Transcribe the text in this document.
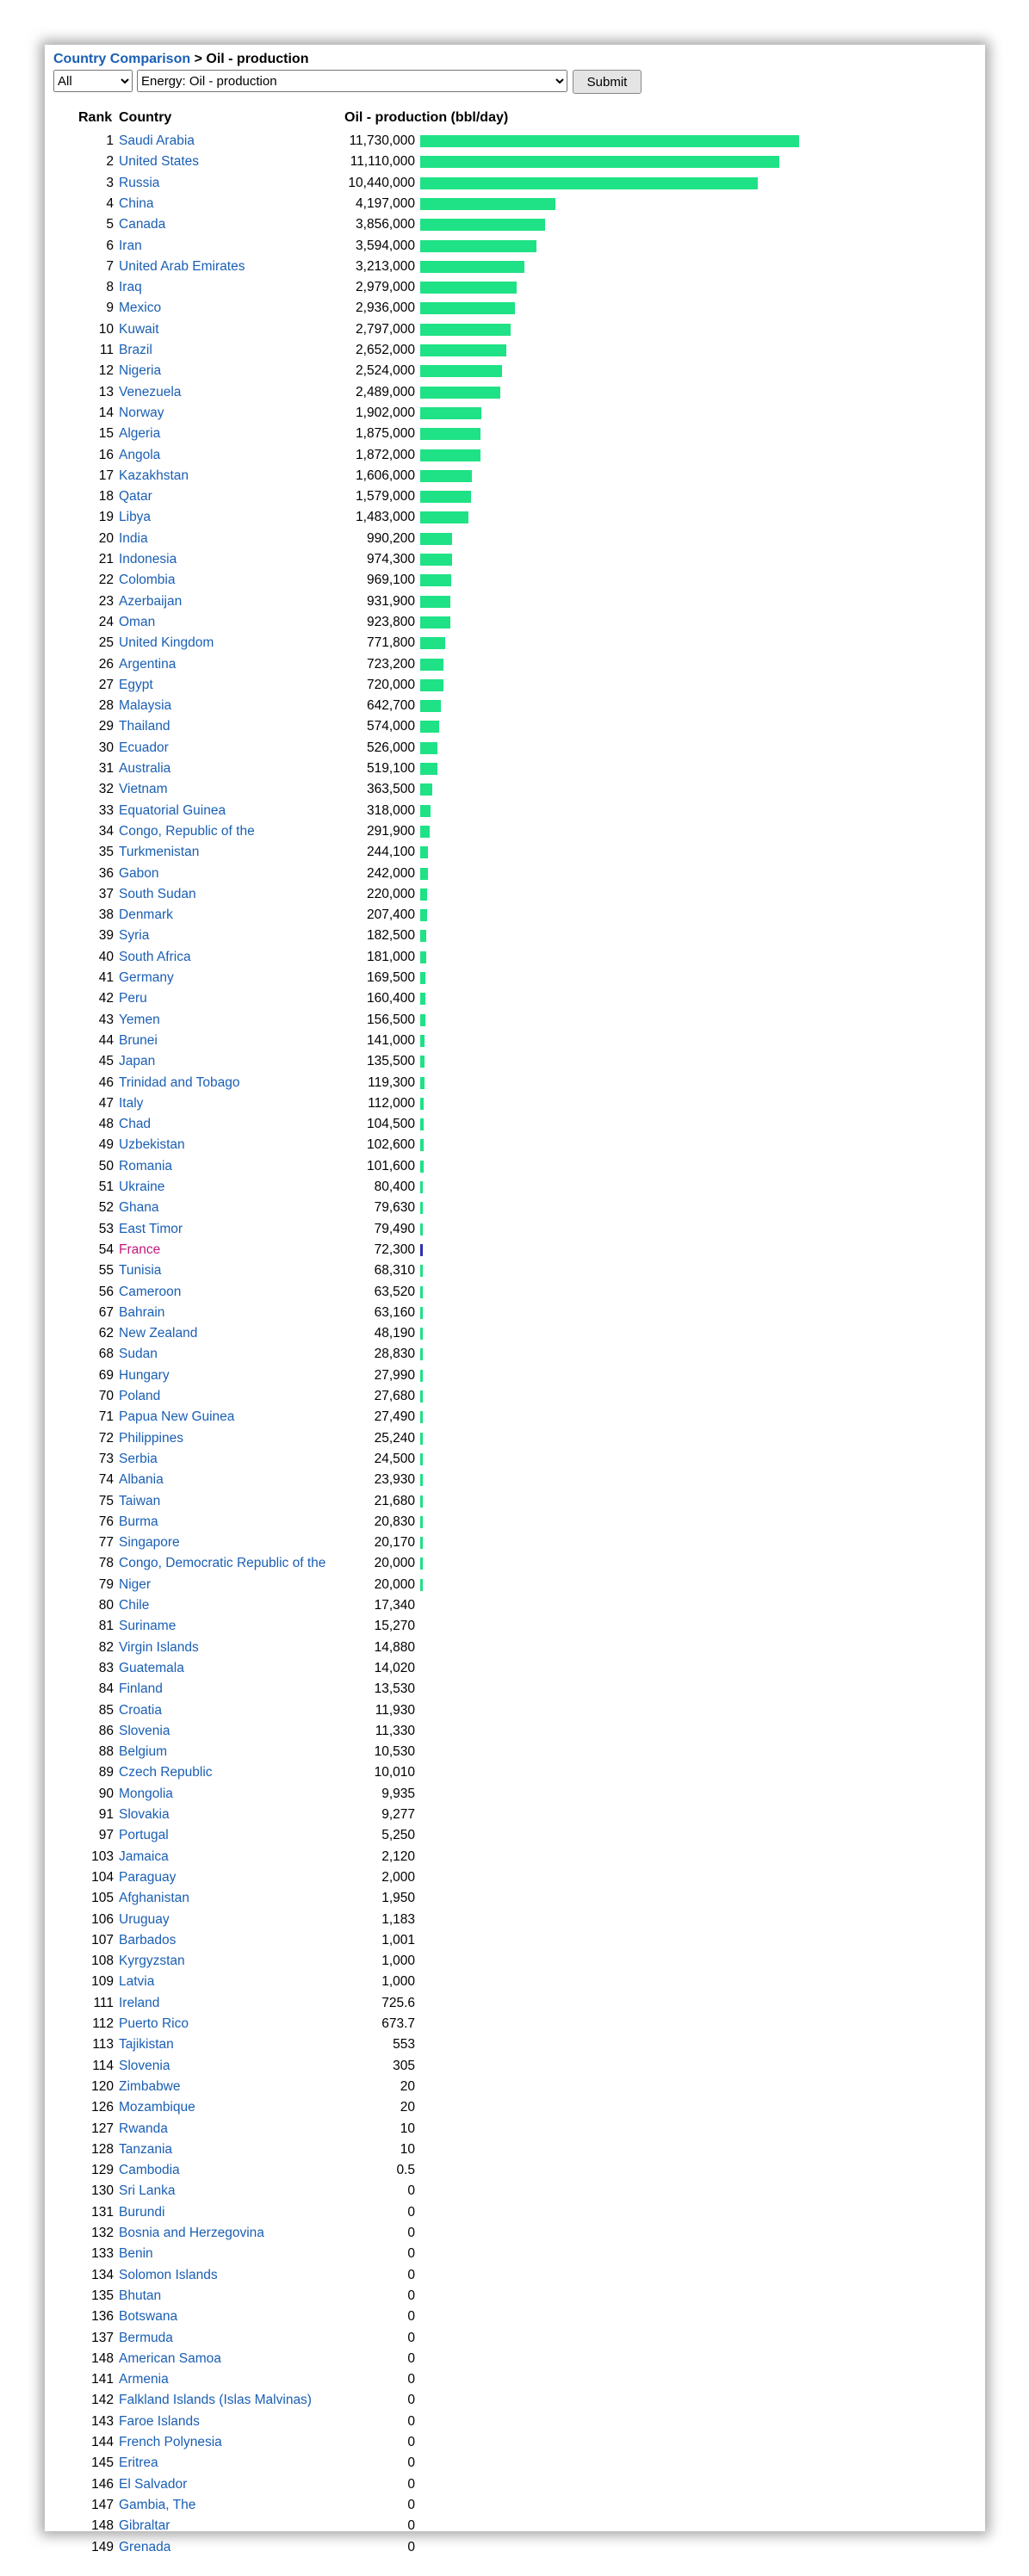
Country Comparison > Oil - production
All
Energy: Oil - production
Submit
Rank Country	Oil - production (bbl/day)
1 Saudi Arabia	11,730,000
2 United States	11,110,000
3 Russia	10,440,000
4 China	4,197,000
5 Canada	3,856,000
6 Iran	3,594,000
7 United Arab Emirates	3,213,000
8 Iraq	2,979,000
9 Mexico	2,936,000
10 Kuwait	2,797,000
11 Brazil	2,652,000
12 Nigeria	2,524,000
13 Venezuela	2,489,000
14 Norway	1,902,000
15 Algeria	1,875,000
16 Angola	1,872,000
17 Kazakhstan	1,606,000
18 Qatar	1,579,000
19 Libya	1,483,000
20 India	990,200
21 Indonesia	974,300
22 Colombia	969,100
23 Azerbaijan	931,900
24 Oman	923,800
25 United Kingdom	771,800
26 Argentina	723,200
27 Egypt	720,000
28 Malaysia	642,700
29 Thailand	574,000
30 Ecuador	526,000
31 Australia	519,100
32 Vietnam	363,500
33 Equatorial Guinea	318,000
34 Congo, Republic of the	291,900
35 Turkmenistan	244,100
36 Gabon	242,000
37 South Sudan	220,000
38 Denmark	207,400
39 Syria	182,500
40 South Africa	181,000
41 Germany	169,500
42 Peru	160,400
43 Yemen	156,500
44 Brunei	141,000
45 Japan	135,500
46 Trinidad and Tobago	119,300
47 Italy	112,000
48 Chad	104,500
49 Uzbekistan	102,600
50 Romania	101,600
51 Ukraine	80,400
52 Ghana	79,630
53 East Timor	79,490
54 France	72,300
55 Tunisia	68,310
56 Cameroon	63,520
67 Bahrain	63,160
62 New Zealand	48,190
68 Sudan	28,830
69 Hungary	27,990
70 Poland	27,680
71 Papua New Guinea	27,490
72 Philippines	25,240
73 Serbia	24,500
74 Albania	23,930
75 Taiwan	21,680
76 Burma	20,830
77 Singapore	20,170
78 Congo, Democratic Republic of the	20,000
79 Niger	20,000
80 Chile	17,340
81 Suriname	15,270
82 Virgin Islands	14,880
83 Guatemala	14,020
84 Finland	13,530
85 Croatia	11,930
86 Slovenia	11,330
88 Belgium	10,530
89 Czech Republic	10,010
90 Mongolia	9,935
91 Slovakia	9,277
97 Portugal	5,250
103 Jamaica	2,120
104 Paraguay	2,000
105 Afghanistan	1,950
106 Uruguay	1,183
107 Barbados	1,001
108 Kyrgyzstan	1,000
109 Latvia	1,000
111 Ireland	725.6
112 Puerto Rico	673.7
113 Tajikistan	553
114 Slovenia	305
120 Zimbabwe	20
126 Mozambique	20
127 Rwanda	10
128 Tanzania	10
129 Cambodia	0.5
130 Sri Lanka	0
131 Burundi	0
132 Bosnia and Herzegovina	0
133 Benin	0
134 Solomon Islands	0
135 Bhutan	0
136 Botswana	0
137 Bermuda	0
148 American Samoa	0
141 Armenia	0
142 Falkland Islands (Islas Malvinas)	0
143 Faroe Islands	0
144 French Polynesia	0
145 Eritrea	0
146 El Salvador	0
147 Gambia, The	0
148 Gibraltar	0
149 Grenada	0
